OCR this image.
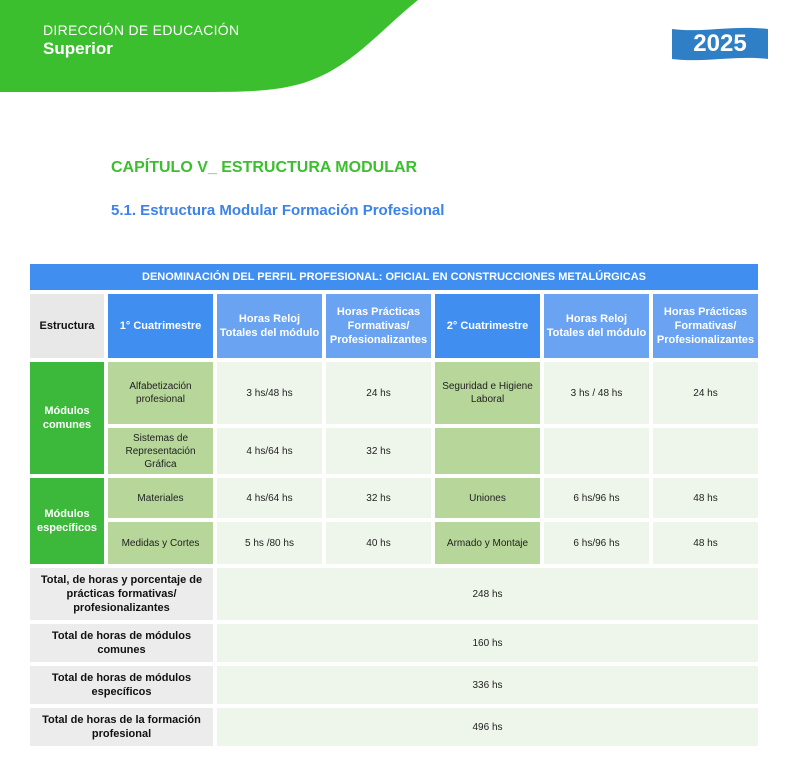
DIRECCIÓN DE EDUCACIÓN
Superior	2025
CAPÍTULO V_ ESTRUCTURA MODULAR
5.1. Estructura Modular Formación Profesional
DENOMINACIÓN DEL PERFIL PROFESIONAL: OFICIAL EN CONSTRUCCIONES METALÚRGICAS						
Estructura	1° Cuatrimestre	Horas Reloj Totales del módulo	Horas Prácticas Formativas/ Profesionalizantes	2° Cuatrimestre	Horas Reloj Totales del módulo	Horas Prácticas Formativas/ Profesionalizantes
Módulos comunes	Alfabetización profesional	3 hs/48 hs	24 hs	Seguridad e Higiene Laboral	3 hs / 48 hs	24 hs
	Sistemas de Representación Gráfica	4 hs/64 hs	32 hs			
Módulos específicos	Materiales	4 hs/64 hs	32 hs	Uniones	6 hs/96 hs	48 hs
	Medidas y Cortes	5 hs /80 hs	40 hs	Armado y Montaje	6 hs/96 hs	48 hs
Total, de horas y porcentaje de prácticas formativas/ profesionalizantes		248 hs				
Total de horas de módulos comunes		160 hs				
Total de horas de módulos específicos		336 hs				
Total de horas de la formación profesional		496 hs				
